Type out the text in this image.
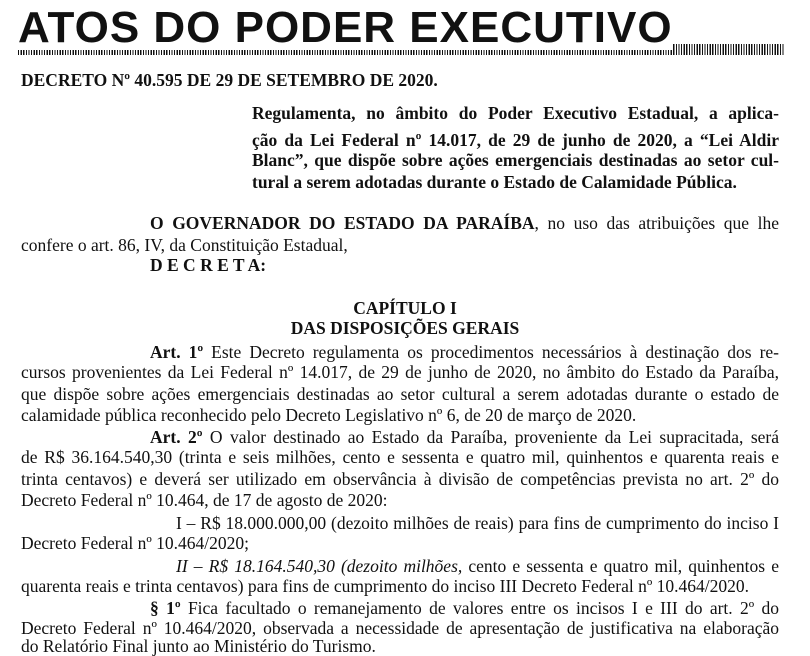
ATOS DO PODER EXECUTIVO
DECRETO Nº 40.595 DE 29 DE SETEMBRO DE 2020.
Regulamenta, no âmbito do Poder Executivo Estadual, a aplica-
ção da Lei Federal nº 14.017, de 29 de junho de 2020, a “Lei Aldir
Blanc”, que dispõe sobre ações emergenciais destinadas ao setor cul-
tural a serem adotadas durante o Estado de Calamidade Pública.
O GOVERNADOR DO ESTADO DA PARAÍBA, no uso das atribuições que lhe
confere o art. 86, IV, da Constituição Estadual,
D E C R E T A:
CAPÍTULO I
DAS DISPOSIÇÕES GERAIS
Art. 1º Este Decreto regulamenta os procedimentos necessários à destinação dos re-
cursos provenientes da Lei Federal nº 14.017, de 29 de junho de 2020, no âmbito do Estado da Paraíba,
que dispõe sobre ações emergenciais destinadas ao setor cultural a serem adotadas durante o estado de
calamidade pública reconhecido pelo Decreto Legislativo nº 6, de 20 de março de 2020.
Art. 2º O valor destinado ao Estado da Paraíba, proveniente da Lei supracitada, será
de R$ 36.164.540,30 (trinta e seis milhões, cento e sessenta e quatro mil, quinhentos e quarenta reais e
trinta centavos) e deverá ser utilizado em observância à divisão de competências prevista no art. 2º do
Decreto Federal nº 10.464, de 17 de agosto de 2020:
I – R$ 18.000.000,00 (dezoito milhões de reais) para fins de cumprimento do inciso I
Decreto Federal nº 10.464/2020;
II – R$ 18.164.540,30 (dezoito milhões, cento e sessenta e quatro mil, quinhentos e
quarenta reais e trinta centavos) para fins de cumprimento do inciso III Decreto Federal nº 10.464/2020.
§ 1º Fica facultado o remanejamento de valores entre os incisos I e III do art. 2º do
Decreto Federal nº 10.464/2020, observada a necessidade de apresentação de justificativa na elaboração
do Relatório Final junto ao Ministério do Turismo.
